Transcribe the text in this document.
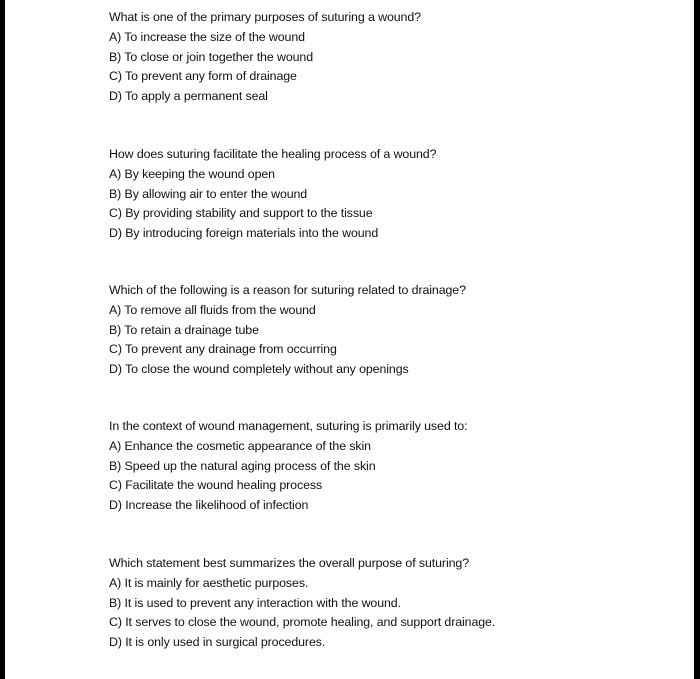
What is one of the primary purposes of suturing a wound?
A) To increase the size of the wound
B) To close or join together the wound
C) To prevent any form of drainage
D) To apply a permanent seal
How does suturing facilitate the healing process of a wound?
A) By keeping the wound open
B) By allowing air to enter the wound
C) By providing stability and support to the tissue
D) By introducing foreign materials into the wound
Which of the following is a reason for suturing related to drainage?
A) To remove all fluids from the wound
B) To retain a drainage tube
C) To prevent any drainage from occurring
D) To close the wound completely without any openings
In the context of wound management, suturing is primarily used to:
A) Enhance the cosmetic appearance of the skin
B) Speed up the natural aging process of the skin
C) Facilitate the wound healing process
D) Increase the likelihood of infection
Which statement best summarizes the overall purpose of suturing?
A) It is mainly for aesthetic purposes.
B) It is used to prevent any interaction with the wound.
C) It serves to close the wound, promote healing, and support drainage.
D) It is only used in surgical procedures.
